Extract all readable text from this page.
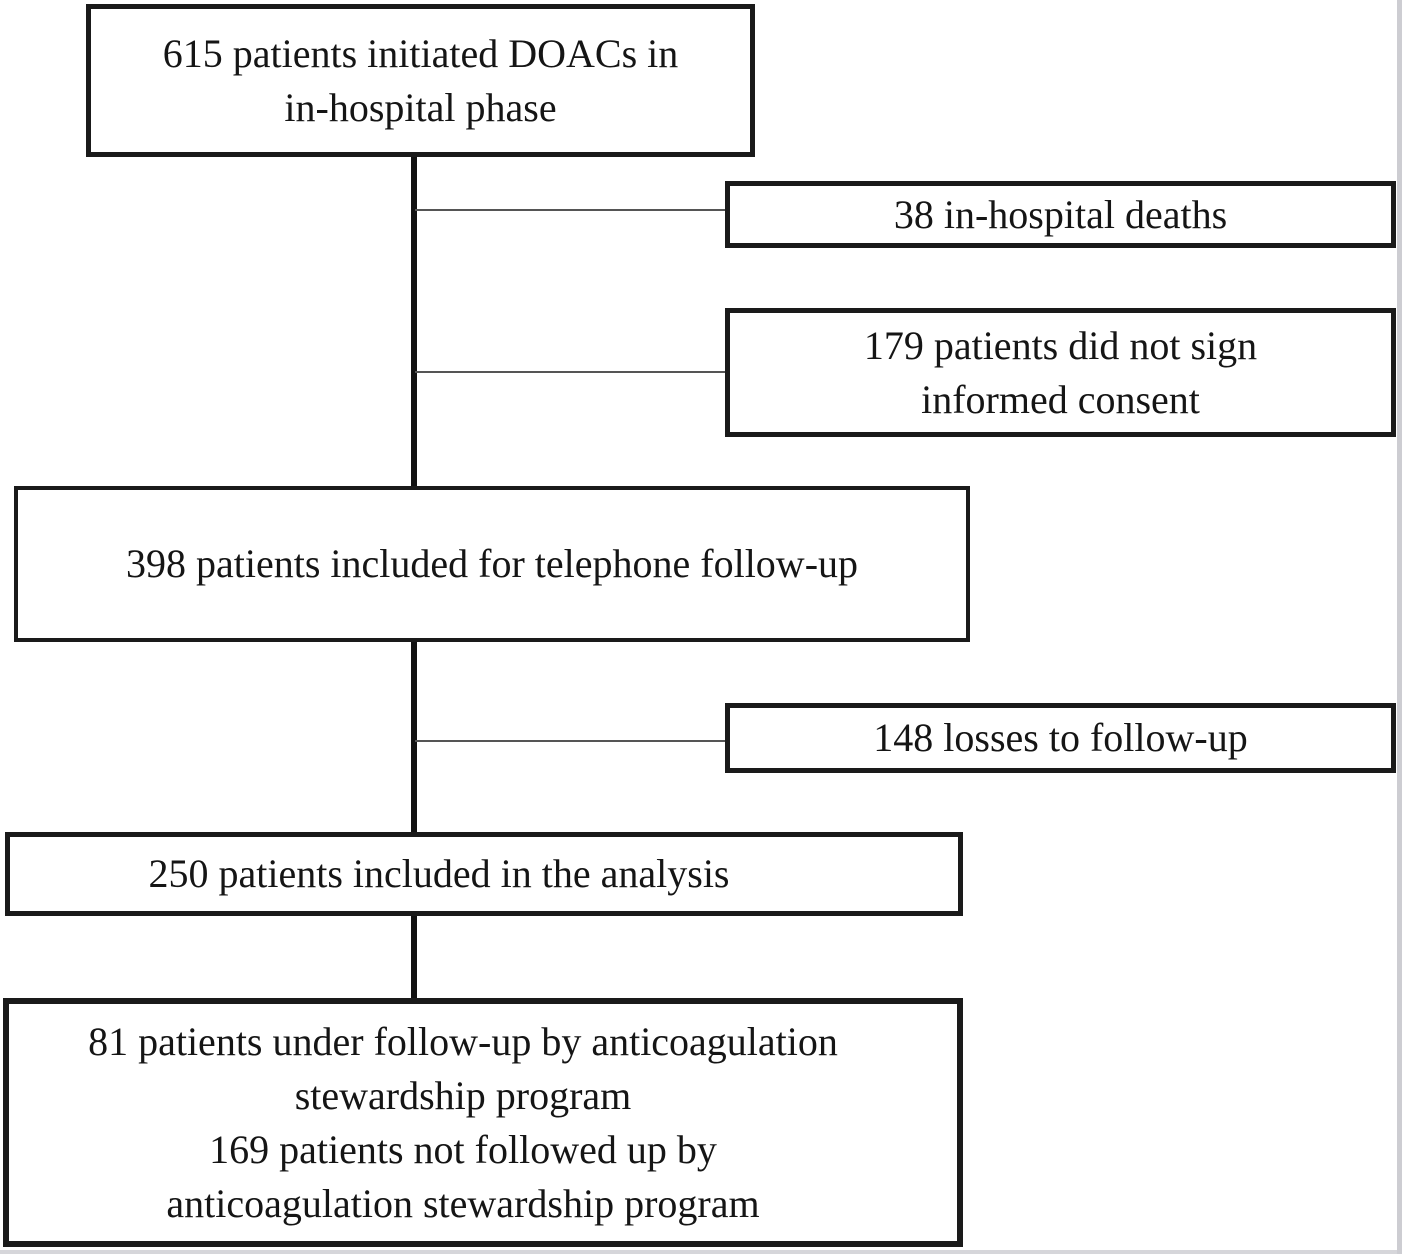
615 patients initiated DOACs in
in-hospital phase
38 in-hospital deaths
179 patients did not sign
informed consent
398 patients included for telephone follow-up
148 losses to follow-up
250 patients included in the analysis
81 patients under follow-up by anticoagulation
stewardship program
169 patients not followed up by
anticoagulation stewardship program
